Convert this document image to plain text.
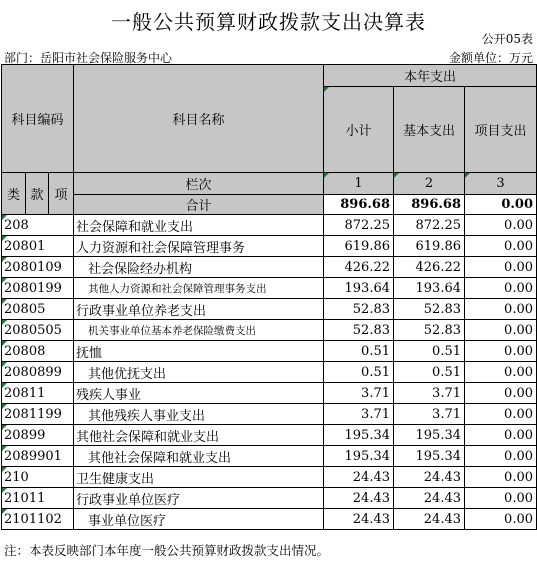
一般公共预算财政拨款支出决算表
公开05表
部门：岳阳市社会保险服务中心	金额单位：万元
科目编码			科目名称	本年支出		
				小计	基本支出	项目支出
类	款	项	栏次	1	2	3
			合计	896.68	896.68	0.00
208			社会保障和就业支出	872.25	872.25	0.00
20801			人力资源和社会保障管理事务	619.86	619.86	0.00
2080109			社会保险经办机构	426.22	426.22	0.00
2080199			其他人力资源和社会保障管理事务支出	193.64	193.64	0.00
20805			行政事业单位养老支出	52.83	52.83	0.00
2080505			机关事业单位基本养老保险缴费支出	52.83	52.83	0.00
20808			抚恤	0.51	0.51	0.00
2080899			其他优抚支出	0.51	0.51	0.00
20811			残疾人事业	3.71	3.71	0.00
2081199			其他残疾人事业支出	3.71	3.71	0.00
20899			其他社会保障和就业支出	195.34	195.34	0.00
2089901			其他社会保障和就业支出	195.34	195.34	0.00
210			卫生健康支出	24.43	24.43	0.00
21011			行政事业单位医疗	24.43	24.43	0.00
2101102			事业单位医疗	24.43	24.43	0.00
注：本表反映部门本年度一般公共预算财政拨款支出情况。
